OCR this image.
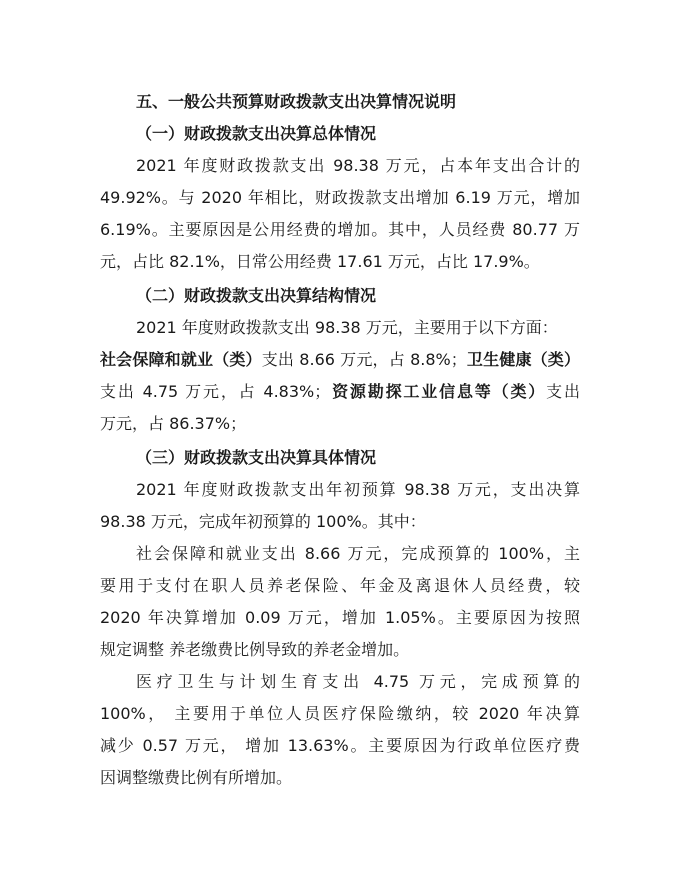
五、一般公共预算财政拨款支出决算情况说明
（一）财政拨款支出决算总体情况
2021 年度财政拨款支出 98.38 万元，占本年支出合计的
49.92%。与 2020 年相比，财政拨款支出增加 6.19 万元，增加
6.19%。主要原因是公用经费的增加。其中，人员经费 80.77 万
元，占比 82.1%，日常公用经费 17.61 万元，占比 17.9%。
（二）财政拨款支出决算结构情况
2021 年度财政拨款支出 98.38 万元，主要用于以下方面：
社会保障和就业（类）支出 8.66 万元，占 8.8%；卫生健康（类）
支出 4.75 万元，占 4.83%；资源勘探工业信息等（类）支出
万元，占 86.37%；
（三）财政拨款支出决算具体情况
2021 年度财政拨款支出年初预算 98.38 万元，支出决算
98.38 万元，完成年初预算的 100%。其中：
社会保障和就业支出 8.66 万元，完成预算的 100%，主
要用于支付在职人员养老保险、年金及离退休人员经费，较
2020 年决算增加 0.09 万元，增加 1.05%。主要原因为按照
规定调整 养老缴费比例导致的养老金增加。
医疗卫生与计划生育支出 4.75 万元，完成预算的
100%， 主要用于单位人员医疗保险缴纳，较 2020 年决算
减少 0.57 万元， 增加 13.63%。主要原因为行政单位医疗费
因调整缴费比例有所增加。
